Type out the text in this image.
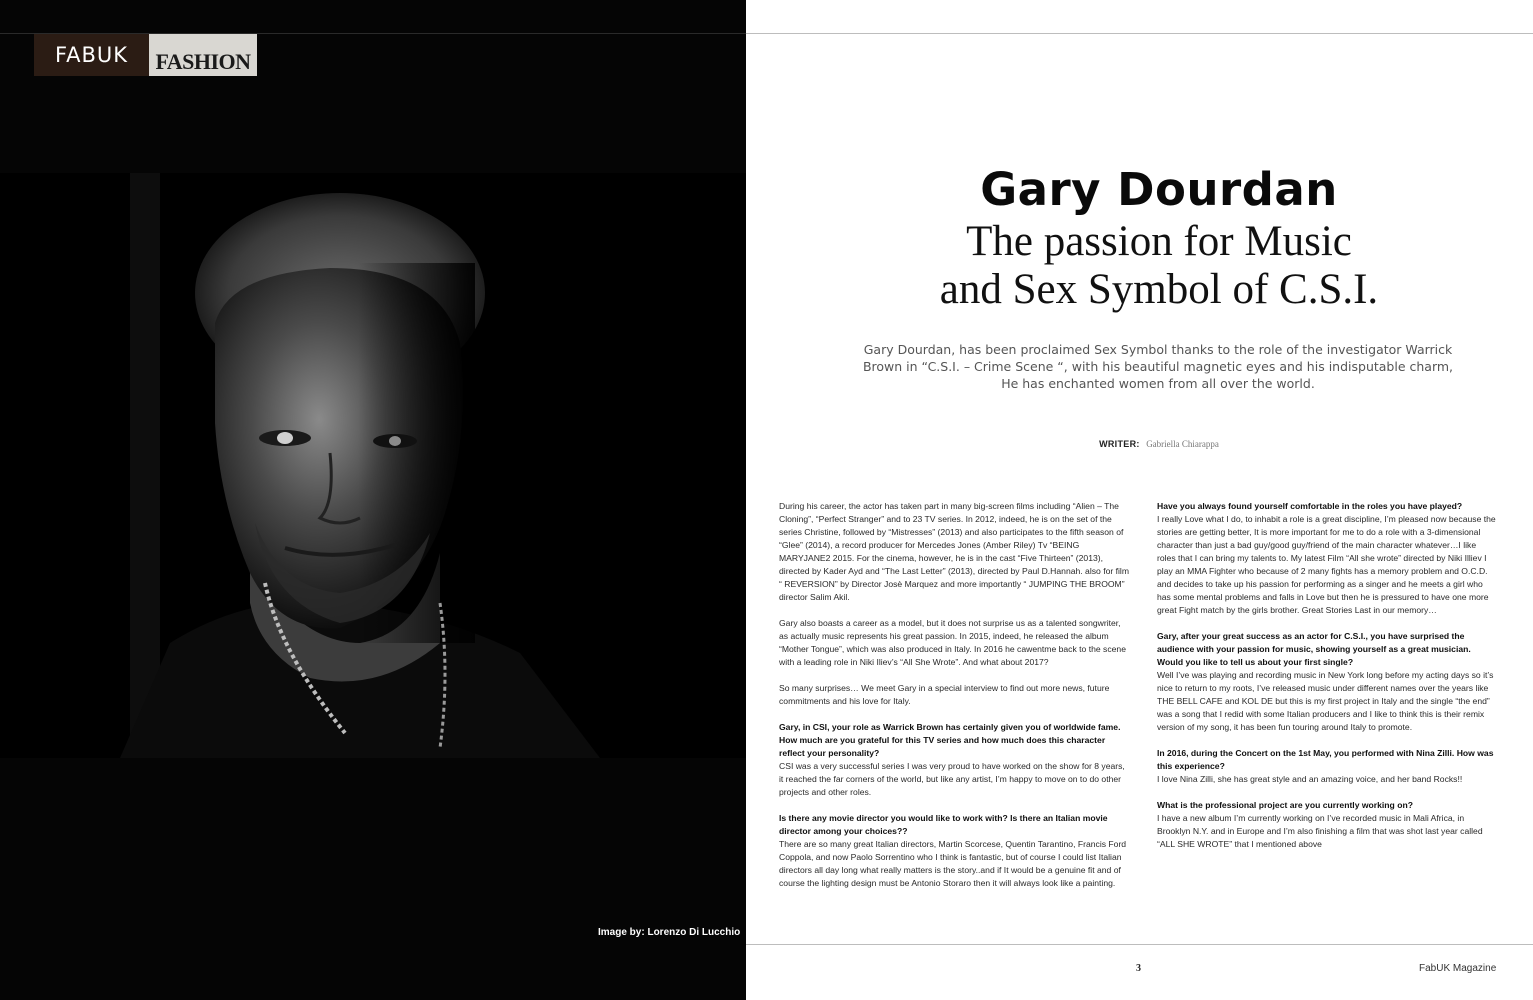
FABUK	FASHION
Image by: Lorenzo Di Lucchio
Gary Dourdan
The passion for Music
and Sex Symbol of C.S.I.

Gary Dourdan, has been proclaimed Sex Symbol thanks to the role of the investigator Warrick Brown in “C.S.I. – Crime Scene “, with his beautiful magnetic eyes and his indisputable charm, He has enchanted women from all over the world.

WRITER: Gabriella Chiarappa

During his career, the actor has taken part in many big-screen films including “Alien – The Cloning”, “Perfect Stranger” and to 23 TV series. In 2012, indeed, he is on the set of the series Christine, followed by “Mistresses” (2013) and also participates to the fifth season of “Glee” (2014), a record producer for Mercedes Jones (Amber Riley) Tv “BEING MARYJANE2 2015. For the cinema, however, he is in the cast “Five Thirteen” (2013), directed by Kader Ayd and “The Last Letter” (2013), directed by Paul D.Hannah. also for film “ REVERSION” by Director Josè Marquez and more importantly “ JUMPING THE BROOM” director Salim Akil.

Gary also boasts a career as a model, but it does not surprise us as a talented songwriter, as actually music represents his great passion. In 2015, indeed, he released the album “Mother Tongue”, which was also produced in Italy. In 2016 he cawentme back to the scene with a leading role in Niki Iliev’s “All She Wrote”. And what about 2017?

So many surprises… We meet Gary in a special interview to find out more news, future commitments and his love for Italy.

Gary, in CSI, your role as Warrick Brown has certainly given you of worldwide fame. How much are you grateful for this TV series and how much does this character reflect your personality?
CSI was a very successful series I was very proud to have worked on the show for 8 years, it reached the far corners of the world, but like any artist, I’m happy to move on to do other projects and other roles.

Is there any movie director you would like to work with? Is there an Italian movie director among your choices??
There are so many great Italian directors, Martin Scorcese, Quentin Tarantino, Francis Ford Coppola, and now Paolo Sorrentino who I think is fantastic, but of course I could list Italian directors all day long what really matters is the story..and if It would be a genuine fit and of course the lighting design must be Antonio Storaro then it will always look like a painting.

Have you always found yourself comfortable in the roles you have played?
I really Love what I do, to inhabit a role is a great discipline, I’m pleased now because the stories are getting better, It is more important for me to do a role with a 3-dimensional character than just a bad guy/good guy/friend of the main character whatever…I like roles that I can bring my talents to. My latest Film “All she wrote” directed by Niki Illiev I play an MMA Fighter who because of 2 many fights has a memory problem and O.C.D. and decides to take up his passion for performing as a singer and he meets a girl who has some mental problems and falls in Love but then he is pressured to have one more great Fight match by the girls brother. Great Stories Last in our memory…

Gary, after your great success as an actor for C.S.I., you have surprised the audience with your passion for music, showing yourself as a great musician. Would you like to tell us about your first single?
Well I’ve was playing and recording music in New York long before my acting days so it’s nice to return to my roots, I’ve released music under different names over the years like THE BELL CAFE and KOL DE but this is my first project in Italy and the single “the end” was a song that I redid with some Italian producers and I like to think this is their remix version of my song, it has been fun touring around Italy to promote.

In 2016, during the Concert on the 1st May, you performed with Nina Zilli. How was this experience?
I love Nina Zilli, she has great style and an amazing voice, and her band Rocks!!

What is the professional project are you currently working on?
I have a new album I’m currently working on I’ve recorded music in Mali Africa, in Brooklyn N.Y. and in Europe and I’m also finishing a film that was shot last year called “ALL SHE WROTE” that I mentioned above

3	FabUK Magazine
